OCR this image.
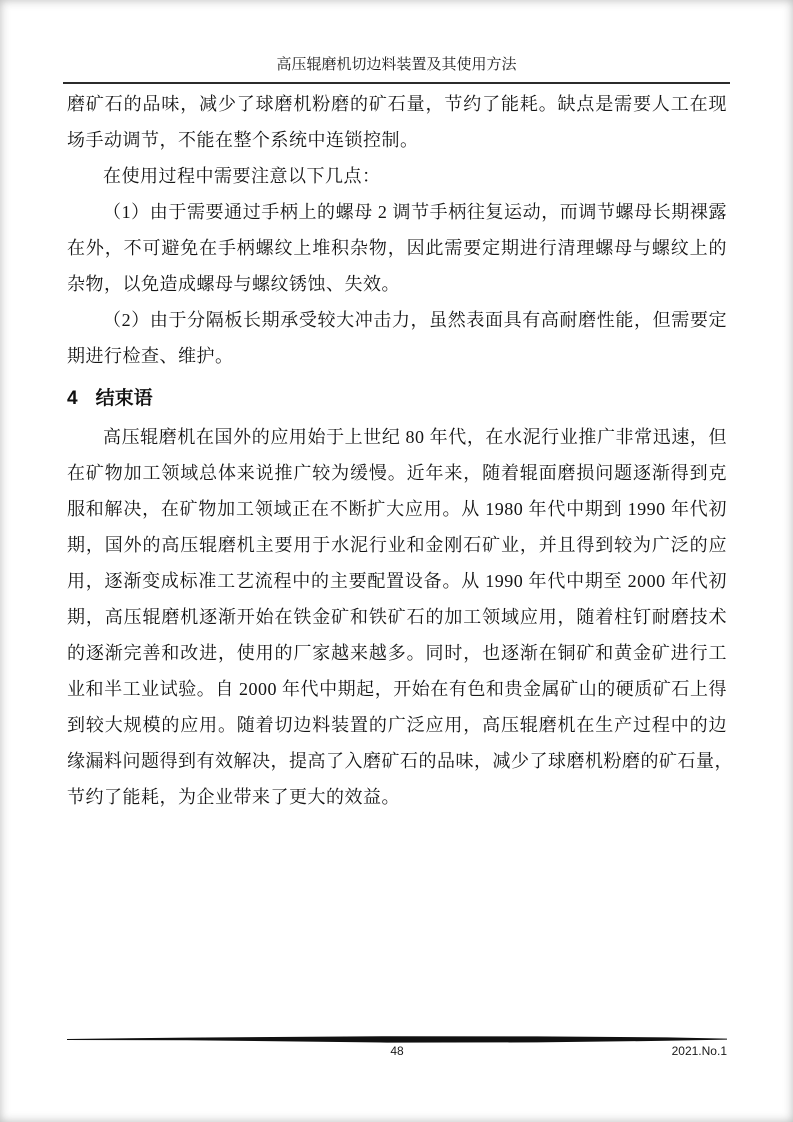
高压辊磨机切边料装置及其使用方法
磨矿石的品味，减少了球磨机粉磨的矿石量，节约了能耗。缺点是需要人工在现
场手动调节，不能在整个系统中连锁控制。
在使用过程中需要注意以下几点：
（1）由于需要通过手柄上的螺母 2 调节手柄往复运动，而调节螺母长期裸露
在外，不可避免在手柄螺纹上堆积杂物，因此需要定期进行清理螺母与螺纹上的
杂物，以免造成螺母与螺纹锈蚀、失效。
（2）由于分隔板长期承受较大冲击力，虽然表面具有高耐磨性能，但需要定
期进行检查、维护。
4 结束语
高压辊磨机在国外的应用始于上世纪 80 年代，在水泥行业推广非常迅速，但
在矿物加工领域总体来说推广较为缓慢。近年来，随着辊面磨损问题逐渐得到克
服和解决，在矿物加工领域正在不断扩大应用。从 1980 年代中期到 1990 年代初
期，国外的高压辊磨机主要用于水泥行业和金刚石矿业，并且得到较为广泛的应
用，逐渐变成标准工艺流程中的主要配置设备。从 1990 年代中期至 2000 年代初
期，高压辊磨机逐渐开始在铁金矿和铁矿石的加工领域应用，随着柱钉耐磨技术
的逐渐完善和改进，使用的厂家越来越多。同时，也逐渐在铜矿和黄金矿进行工
业和半工业试验。自 2000 年代中期起，开始在有色和贵金属矿山的硬质矿石上得
到较大规模的应用。随着切边料装置的广泛应用，高压辊磨机在生产过程中的边
缘漏料问题得到有效解决，提高了入磨矿石的品味，减少了球磨机粉磨的矿石量，
节约了能耗，为企业带来了更大的效益。
48	2021.No.1
